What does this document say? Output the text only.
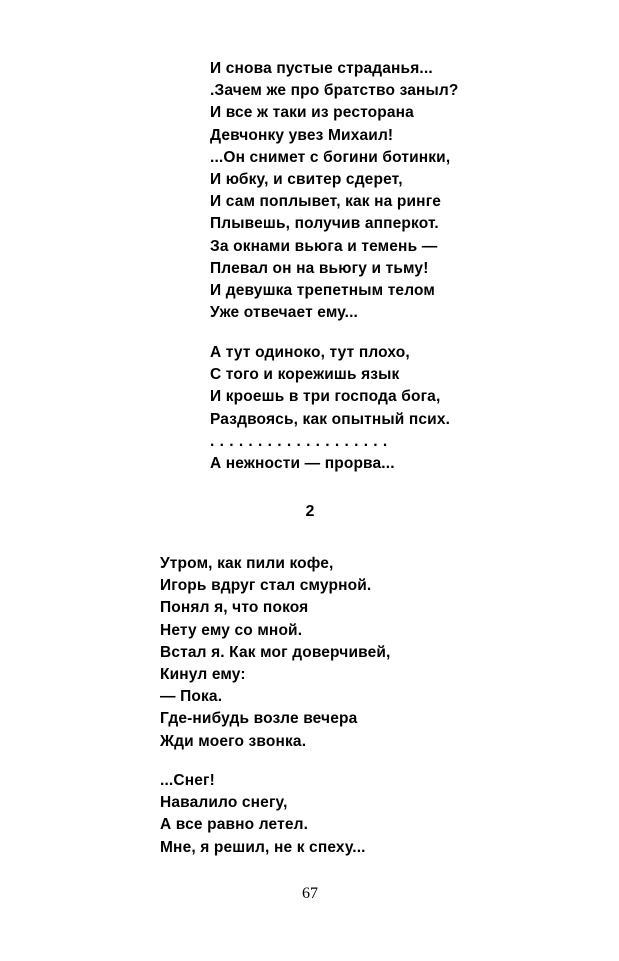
И снова пустые страданья...
.Зачем же про братство заныл?
И все ж таки из ресторана
Девчонку увез Михаил!
...Он снимет с богини ботинки,
И юбку, и свитер сдерет,
И сам поплывет, как на ринге
Плывешь, получив апперкот.
За окнами вьюга и темень —
Плевал он на вьюгу и тьму!
И девушка трепетным телом
Уже отвечает ему...
А тут одиноко, тут плохо,
С того и корежишь язык
И кроешь в три господа бога,
Раздвоясь, как опытный псих.
...................
А нежности — прорва...
2
Утром, как пили кофе,
Игорь вдруг стал смурной.
Понял я, что покоя
Нету ему со мной.
Встал я. Как мог доверчивей,
Кинул ему:
— Пока.
Где-нибудь возле вечера
Жди моего звонка.
...Снег!
Навалило снегу,
А все равно летел.
Мне, я решил, не к спеху...
67
